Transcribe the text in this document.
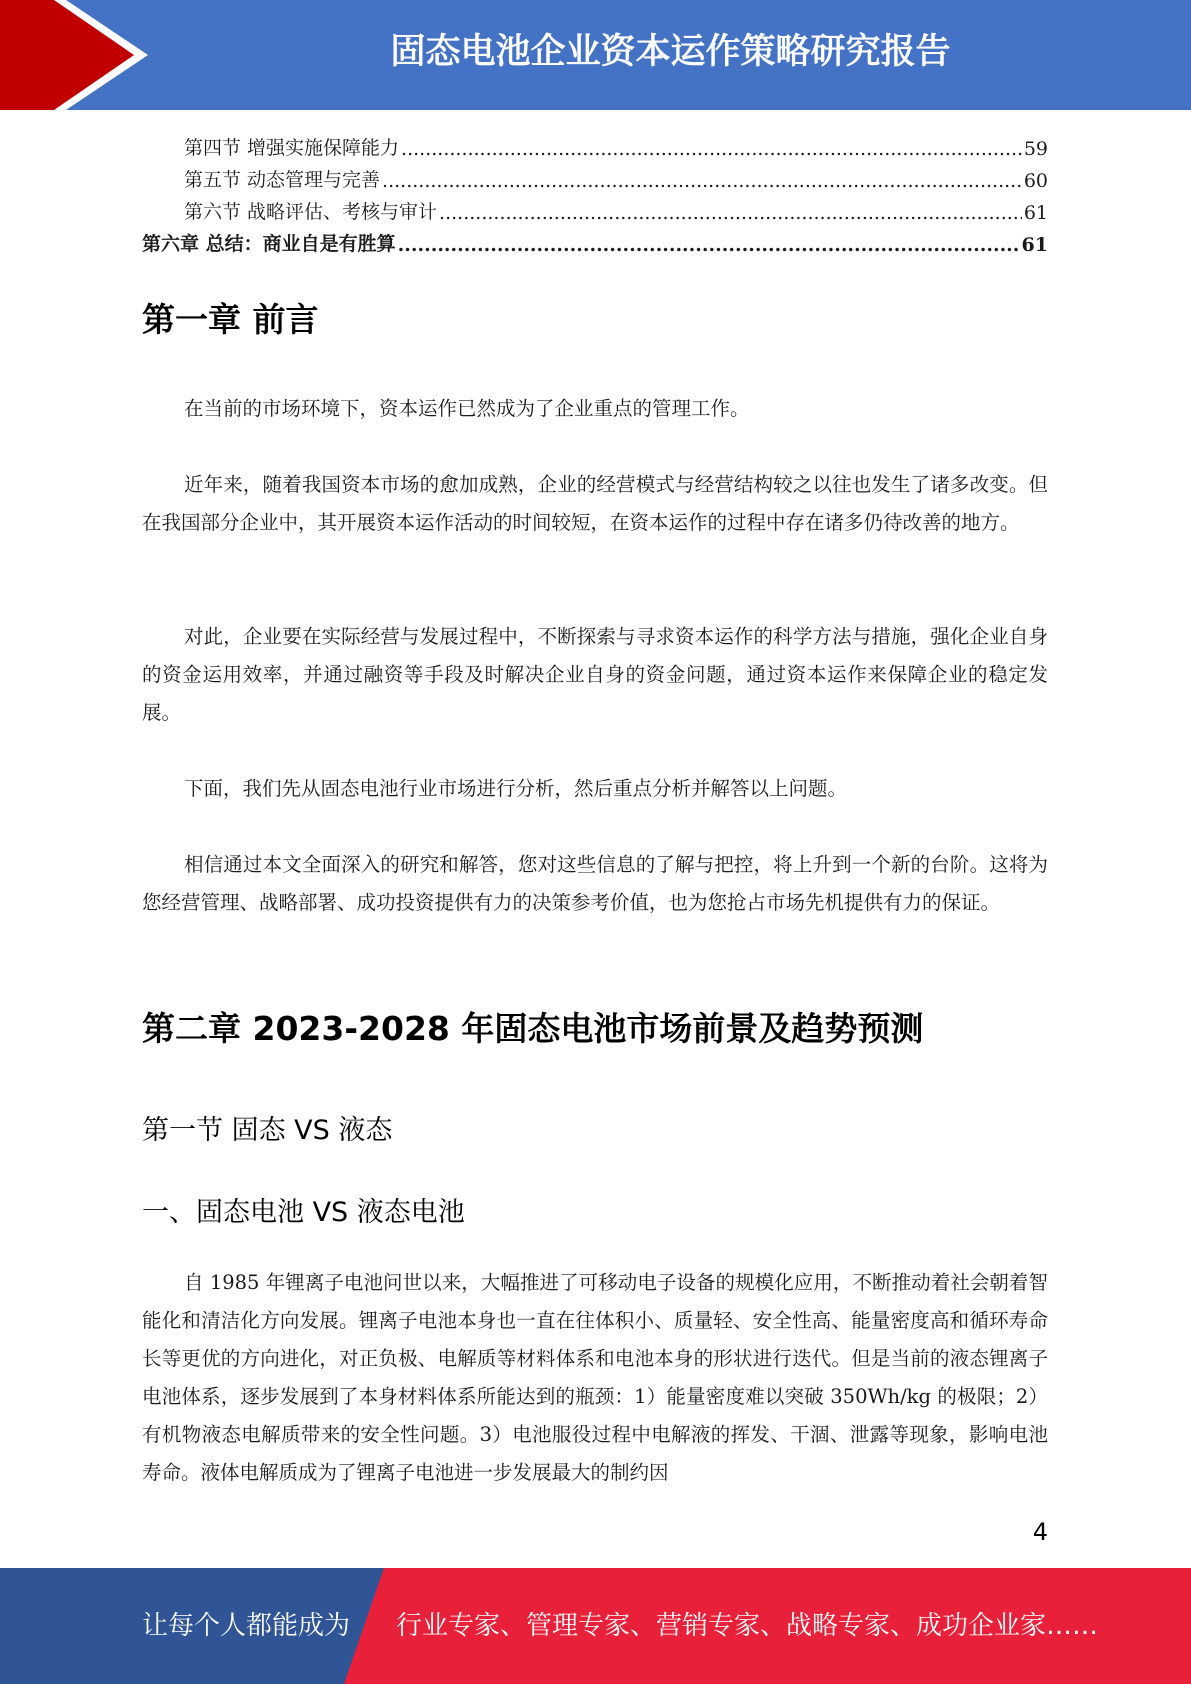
固态电池企业资本运作策略研究报告
第四节 增强实施保障能力 .....	59
第五节 动态管理与完善 .....	60
第六节 战略评估、考核与审计 .....	61
第六章 总结：商业自是有胜算 .....	61
第一章 前言
在当前的市场环境下，资本运作已然成为了企业重点的管理工作。
近年来，随着我国资本市场的愈加成熟，企业的经营模式与经营结构较之以往也发生了诸多改变。但在我国部分企业中，其开展资本运作活动的时间较短，在资本运作的过程中存在诸多仍待改善的地方。
对此，企业要在实际经营与发展过程中，不断探索与寻求资本运作的科学方法与措施，强化企业自身的资金运用效率，并通过融资等手段及时解决企业自身的资金问题，通过资本运作来保障企业的稳定发展。
下面，我们先从固态电池行业市场进行分析，然后重点分析并解答以上问题。
相信通过本文全面深入的研究和解答，您对这些信息的了解与把控，将上升到一个新的台阶。这将为您经营管理、战略部署、成功投资提供有力的决策参考价值，也为您抢占市场先机提供有力的保证。
第二章 2023-2028 年固态电池市场前景及趋势预测
第一节 固态 VS 液态
一、固态电池 VS 液态电池
自 1985 年锂离子电池问世以来，大幅推进了可移动电子设备的规模化应用，不断推动着社会朝着智能化和清洁化方向发展。锂离子电池本身也一直在往体积小、质量轻、安全性高、能量密度高和循环寿命长等更优的方向进化，对正负极、电解质等材料体系和电池本身的形状进行迭代。但是当前的液态锂离子电池体系，逐步发展到了本身材料体系所能达到的瓶颈：1）能量密度难以突破 350Wh/kg 的极限；2）有机物液态电解质带来的安全性问题。3）电池服役过程中电解液的挥发、干涸、泄露等现象，影响电池寿命。液体电解质成为了锂离子电池进一步发展最大的制约因
4
让每个人都能成为 行业专家、管理专家、营销专家、战略专家、成功企业家……
